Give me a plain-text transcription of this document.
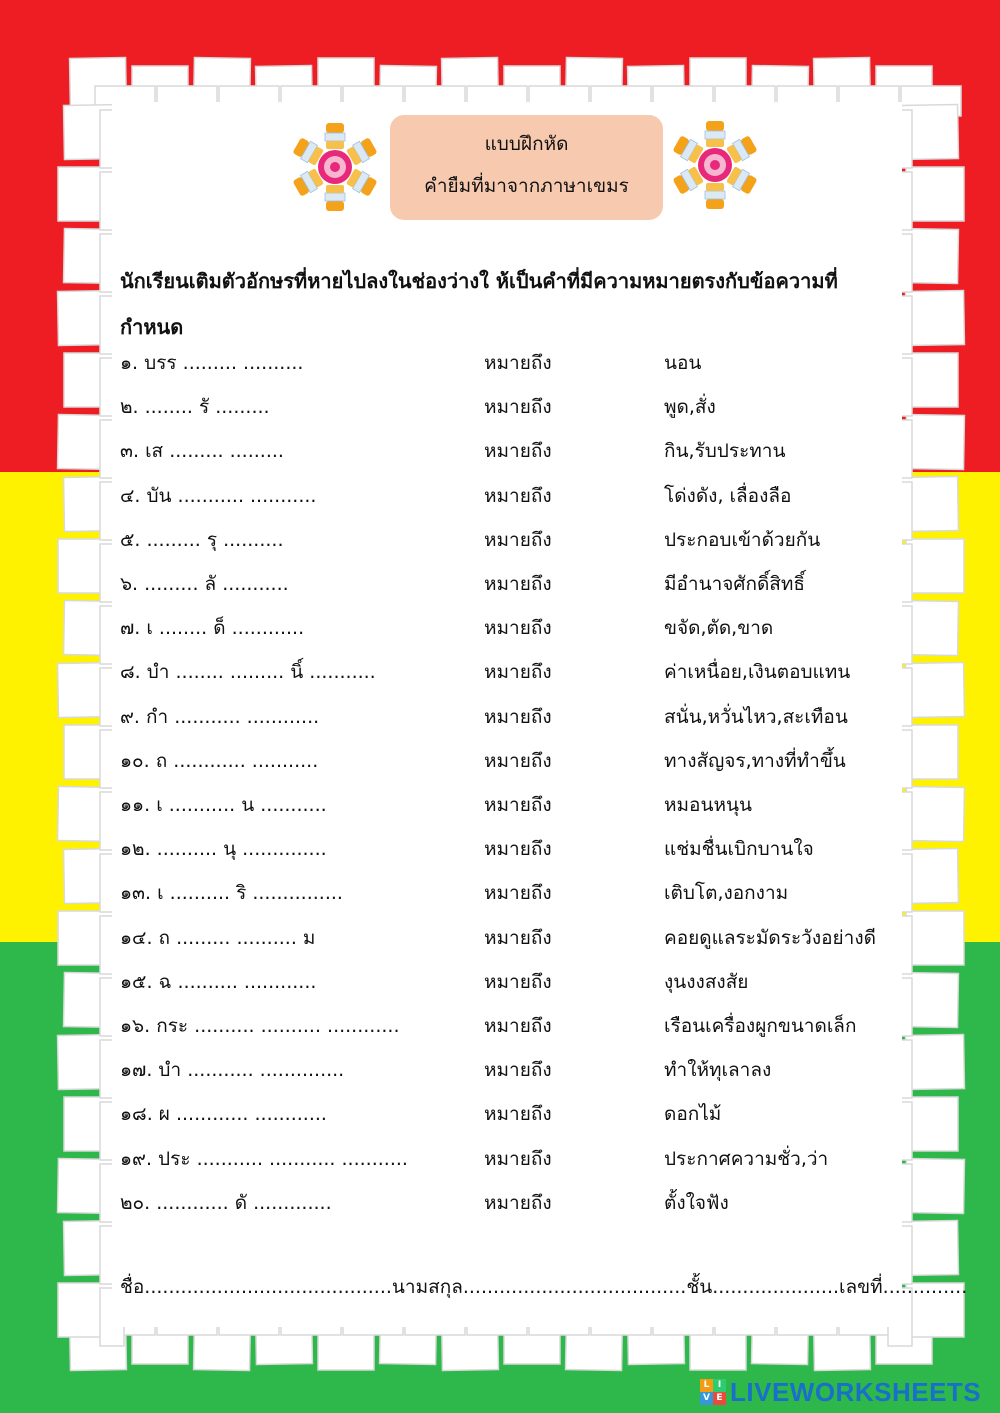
แบบฝึกหัด
คำยืมที่มาจากภาษาเขมร
นักเรียนเติมตัวอักษรที่หายไปลงในช่องว่างใ ห้เป็นคำที่มีความหมายตรงกับข้อความที่กำหนด
๑. บรร ......... ..........	หมายถึง	นอน
๒. ........ รั .........	หมายถึง	พูด,สั่ง
๓. เส ......... .........	หมายถึง	กิน,รับประทาน
๔. บัน ........... ...........	หมายถึง	โด่งดัง, เลื่องลือ
๕. ......... รุ ..........	หมายถึง	ประกอบเข้าด้วยกัน
๖. ......... ลั ...........	หมายถึง	มีอำนาจศักดิ์สิทธิ์
๗. เ ........ ด็ ............	หมายถึง	ขจัด,ตัด,ขาด
๘. บำ ........ ......... นิ์ ...........	หมายถึง	ค่าเหนื่อย,เงินตอบแทน
๙. กำ ........... ............	หมายถึง	สนั่น,หวั่นไหว,สะเทือน
๑๐. ถ ............ ...........	หมายถึง	ทางสัญจร,ทางที่ทำขึ้น
๑๑. เ ........... น ...........	หมายถึง	หมอนหนุน
๑๒. .......... นุ ..............	หมายถึง	แช่มชื่นเบิกบานใจ
๑๓. เ .......... ริ ...............	หมายถึง	เติบโต,งอกงาม
๑๔. ถ ......... .......... ม	หมายถึง	คอยดูแลระมัดระวังอย่างดี
๑๕. ฉ .......... ............	หมายถึง	งุนงงสงสัย
๑๖. กระ .......... .......... ............	หมายถึง	เรือนเครื่องผูกขนาดเล็ก
๑๗. บำ ........... ..............	หมายถึง	ทำให้ทุเลาลง
๑๘. ผ ............ ............	หมายถึง	ดอกไม้
๑๙. ประ ........... ........... ...........	หมายถึง	ประกาศความชั่ว,ว่า
๒๐. ............ ดั .............	หมายถึง	ตั้งใจฟัง
ชื่อ.........................................นามสกุล.....................................ชั้น.....................เลขที่..............
L I
V E LIVEWORKSHEETS
